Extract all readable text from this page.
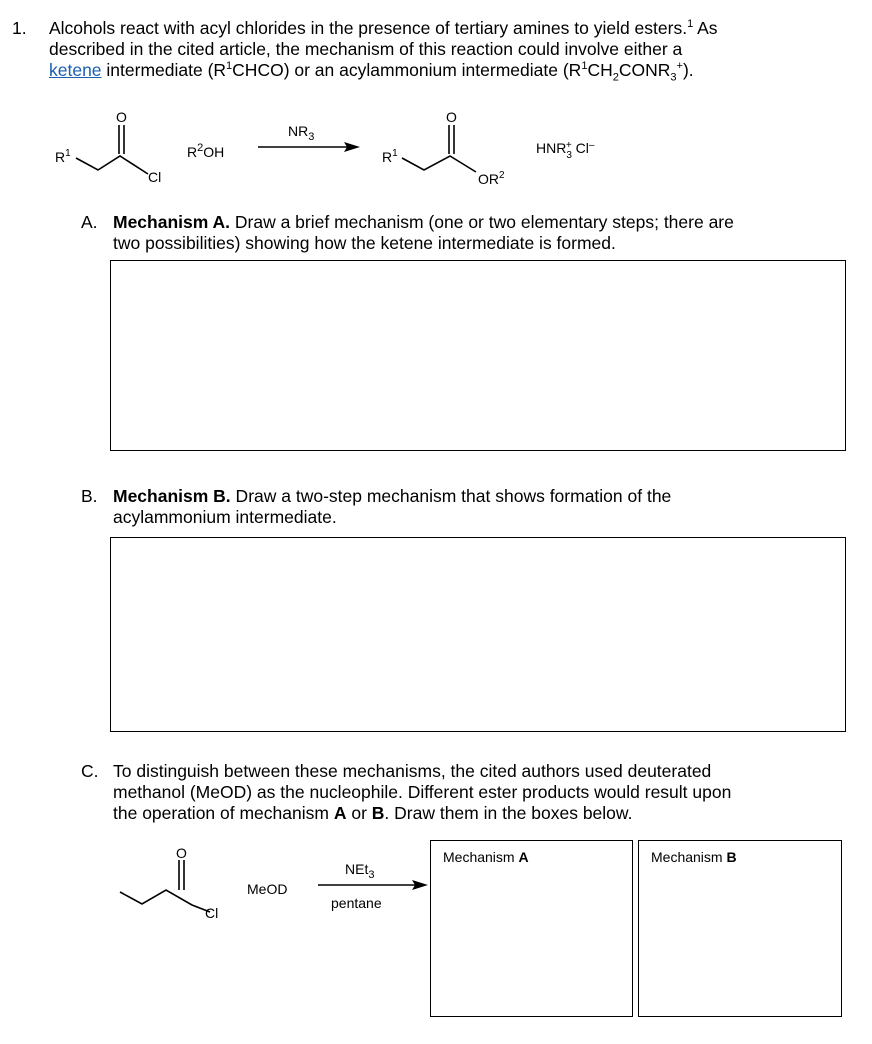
1. Alcohols react with acyl chlorides in the presence of tertiary amines to yield esters.$^1$ As
described in the cited article, the mechanism of this reaction could involve either a
ketene intermediate $(R^1CHCO)$ or an acylammonium intermediate $(R^1CH_2CONR_3^+)$.
$R^1$
O
Cl
$R^2OH$
$NR_3$
$R^1$
O
$OR^2$
$HNR_3+ Cl^-$
A. Mechanism A. Draw a brief mechanism (one or two elementary steps; there are
two possibilities) showing how the ketene intermediate is formed.
B. Mechanism B. Draw a two-step mechanism that shows formation of the
acylammonium intermediate.
C. To distinguish between these mechanisms, the cited authors used deuterated
methanol (MeOD) as the nucleophile. Different ester products would result upon
the operation of mechanism A or B. Draw them in the boxes below.
O
Cl
MeOD
NEt$_3$
pentane
Mechanism A	Mechanism B
